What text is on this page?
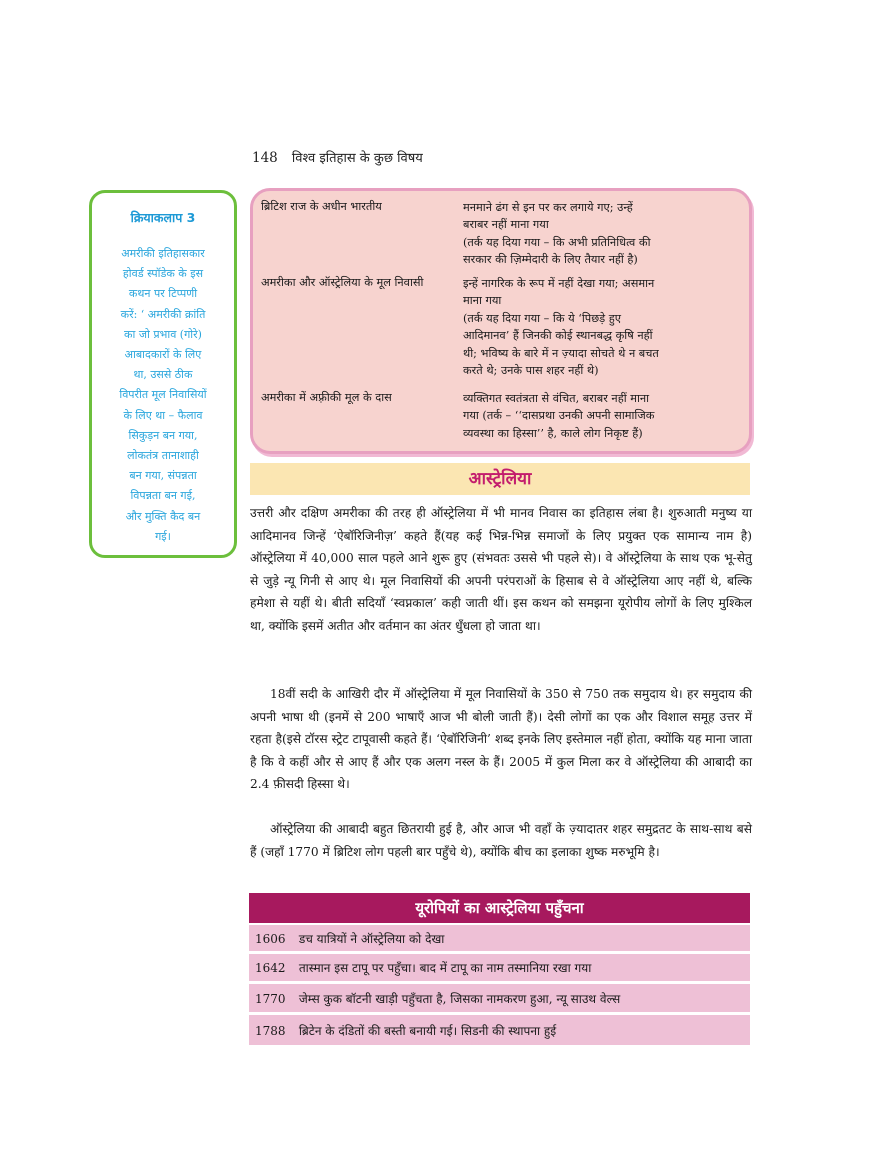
148 विश्व इतिहास के कुछ विषय
क्रियाकलाप 3
अमरीकी इतिहासकार
होवर्ड स्पॉडेक के इस
कथन पर टिप्पणी
करें: ‘ अमरीकी क्रांति
का जो प्रभाव (गोरे)
आबादकारों के लिए
था, उससे ठीक
विपरीत मूल निवासियों
के लिए था – फैलाव
सिकुड़न बन गया,
लोकतंत्र तानाशाही
बन गया, संपन्नता
विपन्नता बन गई,
और मुक्ति कैद बन
गई।
ब्रिटिश राज के अधीन भारतीय	मनमाने ढंग से इन पर कर लगाये गए; उन्हें
बराबर नहीं माना गया
(तर्क यह दिया गया – कि अभी प्रतिनिधित्व की
सरकार की ज़िम्मेदारी के लिए तैयार नहीं है)
अमरीका और ऑस्ट्रेलिया के मूल निवासी	इन्हें नागरिक के रूप में नहीं देखा गया; असमान
माना गया
(तर्क यह दिया गया – कि ये ‘पिछड़े हुए
आदिमानव’ हैं जिनकी कोई स्थानबद्ध कृषि नहीं
थी; भविष्य के बारे में न ज़्यादा सोचते थे न बचत
करते थे; उनके पास शहर नहीं थे)
अमरीका में अफ़्रीकी मूल के दास	व्यक्तिगत स्वतंत्रता से वंचित, बराबर नहीं माना
गया (तर्क – ‘‘दासप्रथा उनकी अपनी सामाजिक
व्यवस्था का हिस्सा’’ है, काले लोग निकृष्ट हैं)
आस्ट्रेलिया
उत्तरी और दक्षिण अमरीका की तरह ही ऑस्ट्रेलिया में भी मानव निवास का इतिहास लंबा है। शुरुआती मनुष्य या आदिमानव जिन्हें ‘ऐबॉरिजिनीज़’ कहते हैं(यह कई भिन्न-भिन्न समाजों के लिए प्रयुक्त एक सामान्य नाम है) ऑस्ट्रेलिया में 40,000 साल पहले आने शुरू हुए (संभवतः उससे भी पहले से)। वे ऑस्ट्रेलिया के साथ एक भू-सेतु से जुड़े न्यू गिनी से आए थे। मूल निवासियों की अपनी परंपराओं के हिसाब से वे ऑस्ट्रेलिया आए नहीं थे, बल्कि हमेशा से यहीं थे। बीती सदियाँ ‘स्वप्नकाल’ कही जाती थीं। इस कथन को समझना यूरोपीय लोगों के लिए मुश्किल था, क्योंकि इसमें अतीत और वर्तमान का अंतर धुँधला हो जाता था।
18वीं सदी के आखिरी दौर में ऑस्ट्रेलिया में मूल निवासियों के 350 से 750 तक समुदाय थे। हर समुदाय की अपनी भाषा थी (इनमें से 200 भाषाएँ आज भी बोली जाती हैं)। देसी लोगों का एक और विशाल समूह उत्तर में रहता है(इसे टॉरस स्ट्रेट टापूवासी कहते हैं। ‘ऐबॉरिजिनी’ शब्द इनके लिए इस्तेमाल नहीं होता, क्योंकि यह माना जाता है कि वे कहीं और से आए हैं और एक अलग नस्ल के हैं। 2005 में कुल मिला कर वे ऑस्ट्रेलिया की आबादी का 2.4 फ़ीसदी हिस्सा थे।
ऑस्ट्रेलिया की आबादी बहुत छितरायी हुई है, और आज भी वहाँ के ज़्यादातर शहर समुद्रतट के साथ-साथ बसे हैं (जहाँ 1770 में ब्रिटिश लोग पहली बार पहुँचे थे), क्योंकि बीच का इलाका शुष्क मरुभूमि है।
यूरोपियों का आस्ट्रेलिया पहुँचना
1606 डच यात्रियों ने ऑस्ट्रेलिया को देखा
1642 तास्मान इस टापू पर पहुँचा। बाद में टापू का नाम तस्मानिया रखा गया
1770 जेम्स कुक बॉटनी खाड़ी पहुँचता है, जिसका नामकरण हुआ, न्यू साउथ वेल्स
1788 ब्रिटेन के दंडितों की बस्ती बनायी गई। सिडनी की स्थापना हुई
